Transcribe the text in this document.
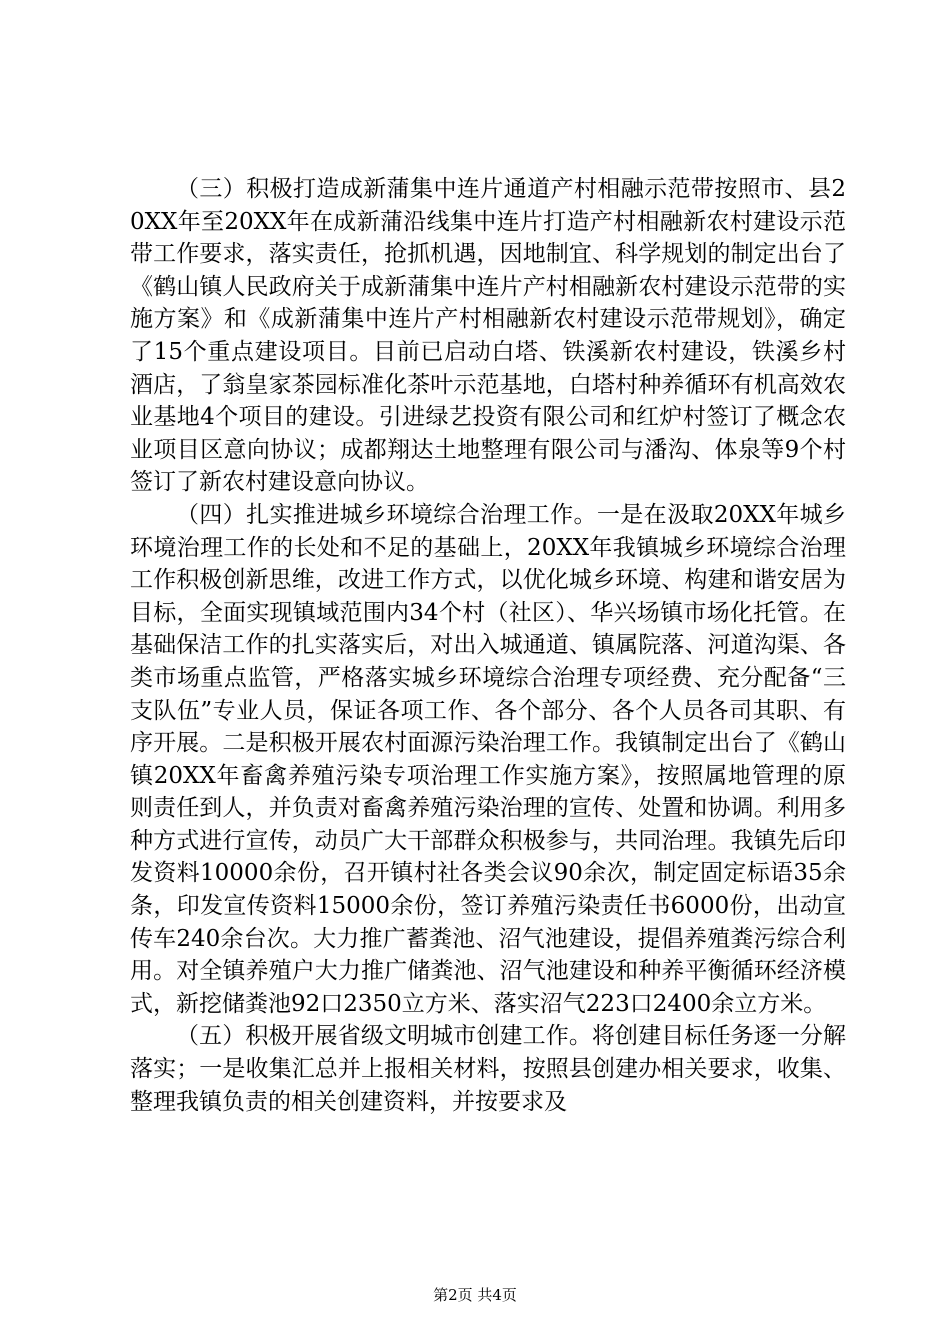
（三）积极打造成新蒲集中连片通道产村相融示范带按照市、县20XX年至20XX年在成新蒲沿线集中连片打造产村相融新农村建设示范带工作要求，落实责任，抢抓机遇，因地制宜、科学规划的制定出台了《鹤山镇人民政府关于成新蒲集中连片产村相融新农村建设示范带的实施方案》和《成新蒲集中连片产村相融新农村建设示范带规划》，确定了15个重点建设项目。目前已启动白塔、铁溪新农村建设，铁溪乡村酒店，了翁皇家茶园标准化茶叶示范基地，白塔村种养循环有机高效农业基地4个项目的建设。引进绿艺投资有限公司和红炉村签订了概念农业项目区意向协议；成都翔达土地整理有限公司与潘沟、体泉等9个村签订了新农村建设意向协议。

（四）扎实推进城乡环境综合治理工作。一是在汲取20XX年城乡环境治理工作的长处和不足的基础上，20XX年我镇城乡环境综合治理工作积极创新思维，改进工作方式，以优化城乡环境、构建和谐安居为目标，全面实现镇域范围内34个村（社区）、华兴场镇市场化托管。在基础保洁工作的扎实落实后，对出入城通道、镇属院落、河道沟渠、各类市场重点监管，严格落实城乡环境综合治理专项经费、充分配备“三支队伍”专业人员，保证各项工作、各个部分、各个人员各司其职、有序开展。二是积极开展农村面源污染治理工作。我镇制定出台了《鹤山镇20XX年畜禽养殖污染专项治理工作实施方案》，按照属地管理的原则责任到人，并负责对畜禽养殖污染治理的宣传、处置和协调。利用多种方式进行宣传，动员广大干部群众积极参与，共同治理。我镇先后印发资料10000余份，召开镇村社各类会议90余次，制定固定标语35余条，印发宣传资料15000余份，签订养殖污染责任书6000份，出动宣传车240余台次。大力推广蓄粪池、沼气池建设，提倡养殖粪污综合利用。对全镇养殖户大力推广储粪池、沼气池建设和种养平衡循环经济模式，新挖储粪池92口2350立方米、落实沼气223口2400余立方米。

（五）积极开展省级文明城市创建工作。将创建目标任务逐一分解落实；一是收集汇总并上报相关材料，按照县创建办相关要求，收集、整理我镇负责的相关创建资料，并按要求及

第2页 共4页
